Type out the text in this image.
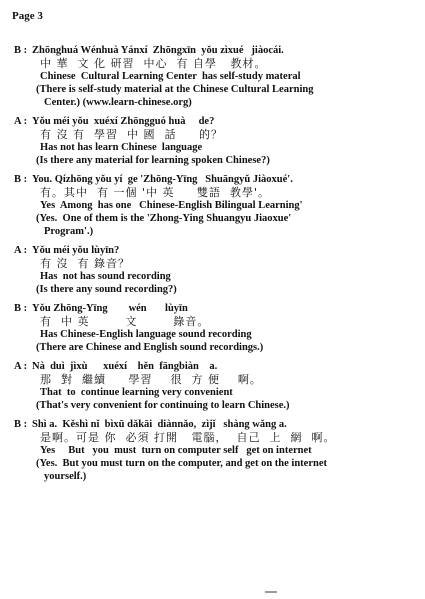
Page 3
B : Zhōnghuá Wénhuà Yánxí  Zhōngxīn  yǒu zìxué   jiàocái.
中 華  文 化 研習  中心  有 自學   教材。
Chinese  Cultural Learning Center  has self-study materal
(There is self-study material at the Chinese Cultural Learning
Center.) (www.learn-chinese.org)
A : Yǒu méi yǒu  xuéxí Zhōngguó huà     de?
有 沒 有  學習  中 國  話     的？
Has not has learn Chinese  language
(Is there any material for learning spoken Chinese?)
B : You. Qízhōng yǒu yí  ge 'Zhōng-Yīng   Shuāngyǔ Jiàoxué'.
有。其中  有 一個 '中 英     雙語  教學'。
Yes  Among  has one   Chinese-English Bilingual Learning'
(Yes.  One of them is the 'Zhong-Ying Shuangyu Jiaoxue'
Program'.)
A : Yǒu méi yǒu lùyīn?
有 沒  有 錄音？
Has  not has sound recording
(Is there any sound recording?)
B : Yǒu Zhōng-Yīng        wén       lùyīn
有  中 英        文        錄音。
Has Chinese-English language sound recording
(There are Chinese and English sound recordings.)
A : Nà  duì  jìxù      xuéxí    hěn  fāngbiàn    a.
那  對  繼續     學習    很  方 便    啊。
That  to  continue learning very convenient
(That's very convenient for continuing to learn Chinese.)
B : Shì a.  Kěshì nǐ  bìxū dǎkāi  diànnǎo,  zìjǐ   shàng wǎng a.
是啊。可是 你  必須 打開   電腦，  自己  上  網  啊。
Yes     But   you  must  turn on computer self   get on internet
(Yes.  But you must turn on the computer, and get on the internet
yourself.)
